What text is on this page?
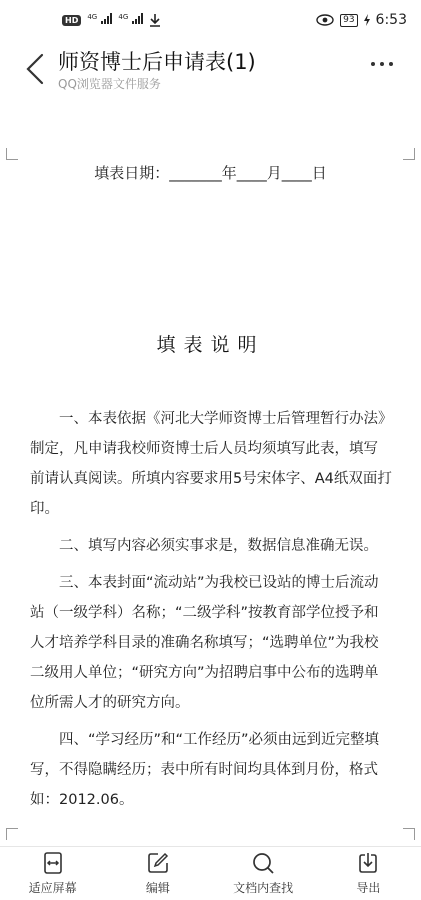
HD	$^{4G}$	$^{4G}$	93 6:53
师资博士后申请表(1)
QQ浏览器文件服务
填表日期：_______年____月____日
填表说明

一、本表依据《河北大学师资博士后管理暂行办法》制定，凡申请我校师资博士后人员均须填写此表，填写前请认真阅读。所填内容要求用5号宋体字、A4纸双面打印。

二、填写内容必须实事求是，数据信息准确无误。

三、本表封面“流动站”为我校已设站的博士后流动站（一级学科）名称；“二级学科”按教育部学位授予和人才培养学科目录的准确名称填写；“选聘单位”为我校二级用人单位；“研究方向”为招聘启事中公布的选聘单位所需人才的研究方向。

四、“学习经历”和“工作经历”必须由远到近完整填写，不得隐瞒经历；表中所有时间均具体到月份，格式如：2012.06。

适应屏幕	编辑	文档内查找	导出
